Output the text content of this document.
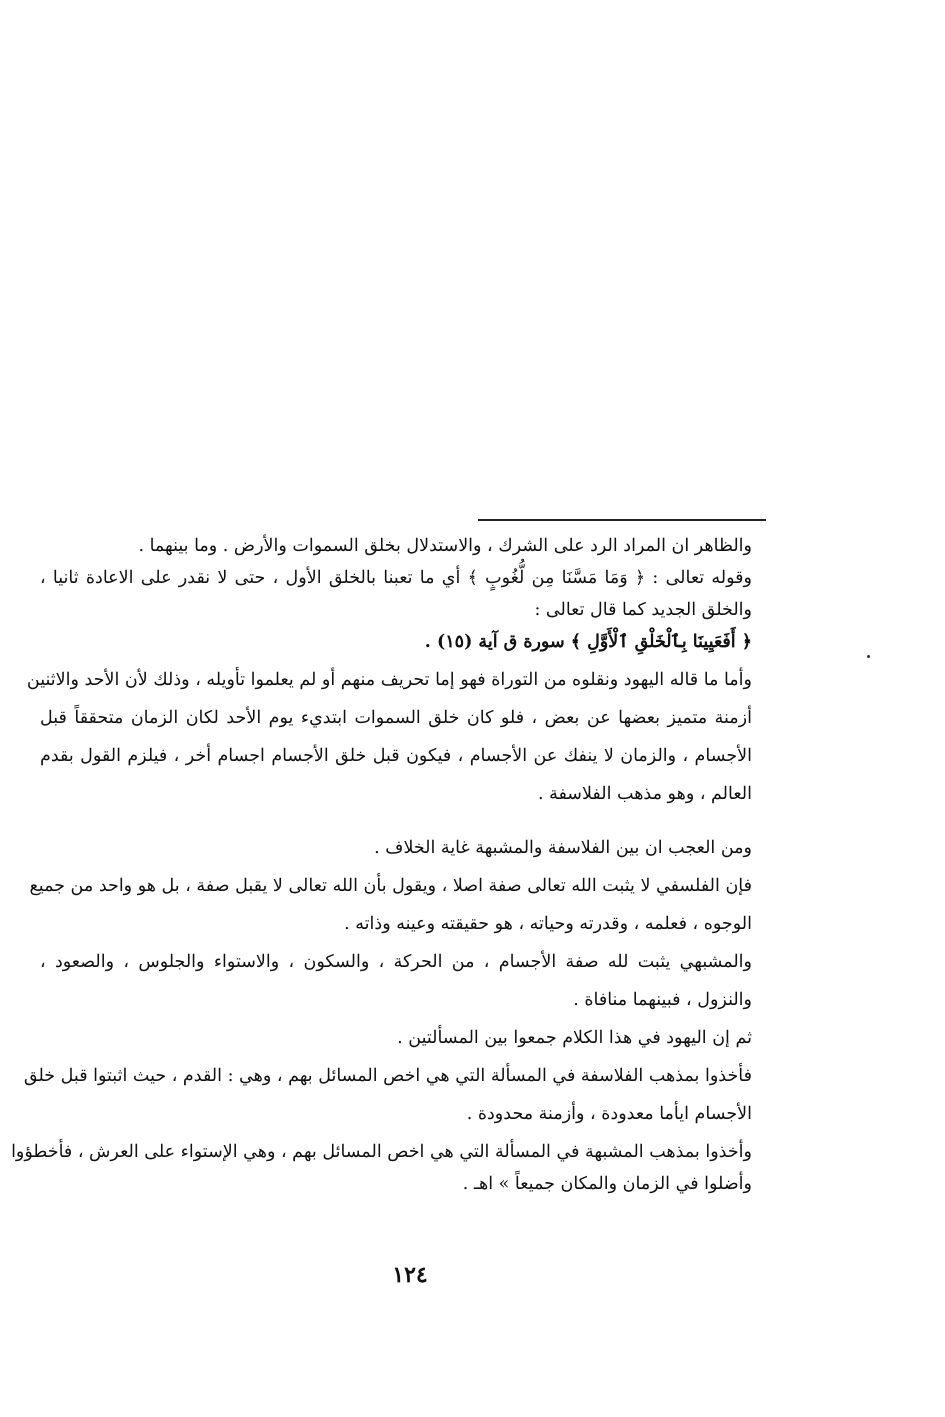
والظاهر ان المراد الرد على الشرك ، والاستدلال بخلق السموات والأرض . وما بينهما .
وقوله تعالى : ﴿ وَمَا مَسَّنَا مِن لُّغُوبٍ ﴾ أي ما تعبنا بالخلق الأول ، حتى لا نقدر على الاعادة ثانيا ،
والخلق الجديد كما قال تعالى :
﴿ أَفَعَيِينَا بِٱلْخَلْقِ ٱلْأَوَّلِ ﴾ سورة ق آية (١٥) .
وأما ما قاله اليهود ونقلوه من التوراة فهو إما تحريف منهم أو لم يعلموا تأويله ، وذلك لأن الأحد والاثنين
أزمنة متميز بعضها عن بعض ، فلو كان خلق السموات ابتديء يوم الأحد لكان الزمان متحققاً قبل
الأجسام ، والزمان لا ينفك عن الأجسام ، فيكون قبل خلق الأجسام اجسام أخر ، فيلزم القول بقدم
العالم ، وهو مذهب الفلاسفة .
ومن العجب ان بين الفلاسفة والمشبهة غاية الخلاف .
فإن الفلسفي لا يثبت الله تعالى صفة اصلا ، ويقول بأن الله تعالى لا يقبل صفة ، بل هو واحد من جميع
الوجوه ، فعلمه ، وقدرته وحياته ، هو حقيقته وعينه وذاته .
والمشبهي يثبت لله صفة الأجسام ، من الحركة ، والسكون ، والاستواء والجلوس ، والصعود ،
والنزول ، فبينهما منافاة .
ثم إن اليهود في هذا الكلام جمعوا بين المسألتين .
فأخذوا بمذهب الفلاسفة في المسألة التي هي اخص المسائل بهم ، وهي : القدم ، حيث اثبتوا قبل خلق
الأجسام ايأما معدودة ، وأزمنة محدودة .
وأخذوا بمذهب المشبهة في المسألة التي هي اخص المسائل بهم ، وهي الإستواء على العرش ، فأخطؤوا
وأضلوا في الزمان والمكان جميعاً » اهـ .
١٢٤
